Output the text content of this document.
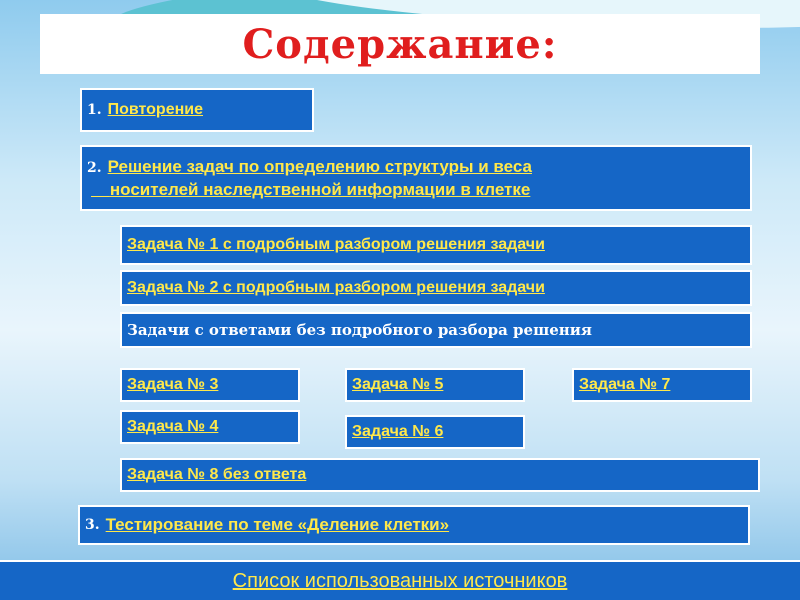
Содержание:
1. Повторение
2. Решение задач по определению структуры и веса
носителей наследственной информации в клетке
Задача № 1 с подробным разбором решения задачи
Задача № 2 с подробным разбором решения задачи
Задачи с ответами без подробного разбора решения
Задача № 3
Задача № 4
Задача № 5
Задача № 6
Задача № 7
Задача № 8 без ответа
3. Тестирование по теме «Деление клетки»
Список использованных источников
